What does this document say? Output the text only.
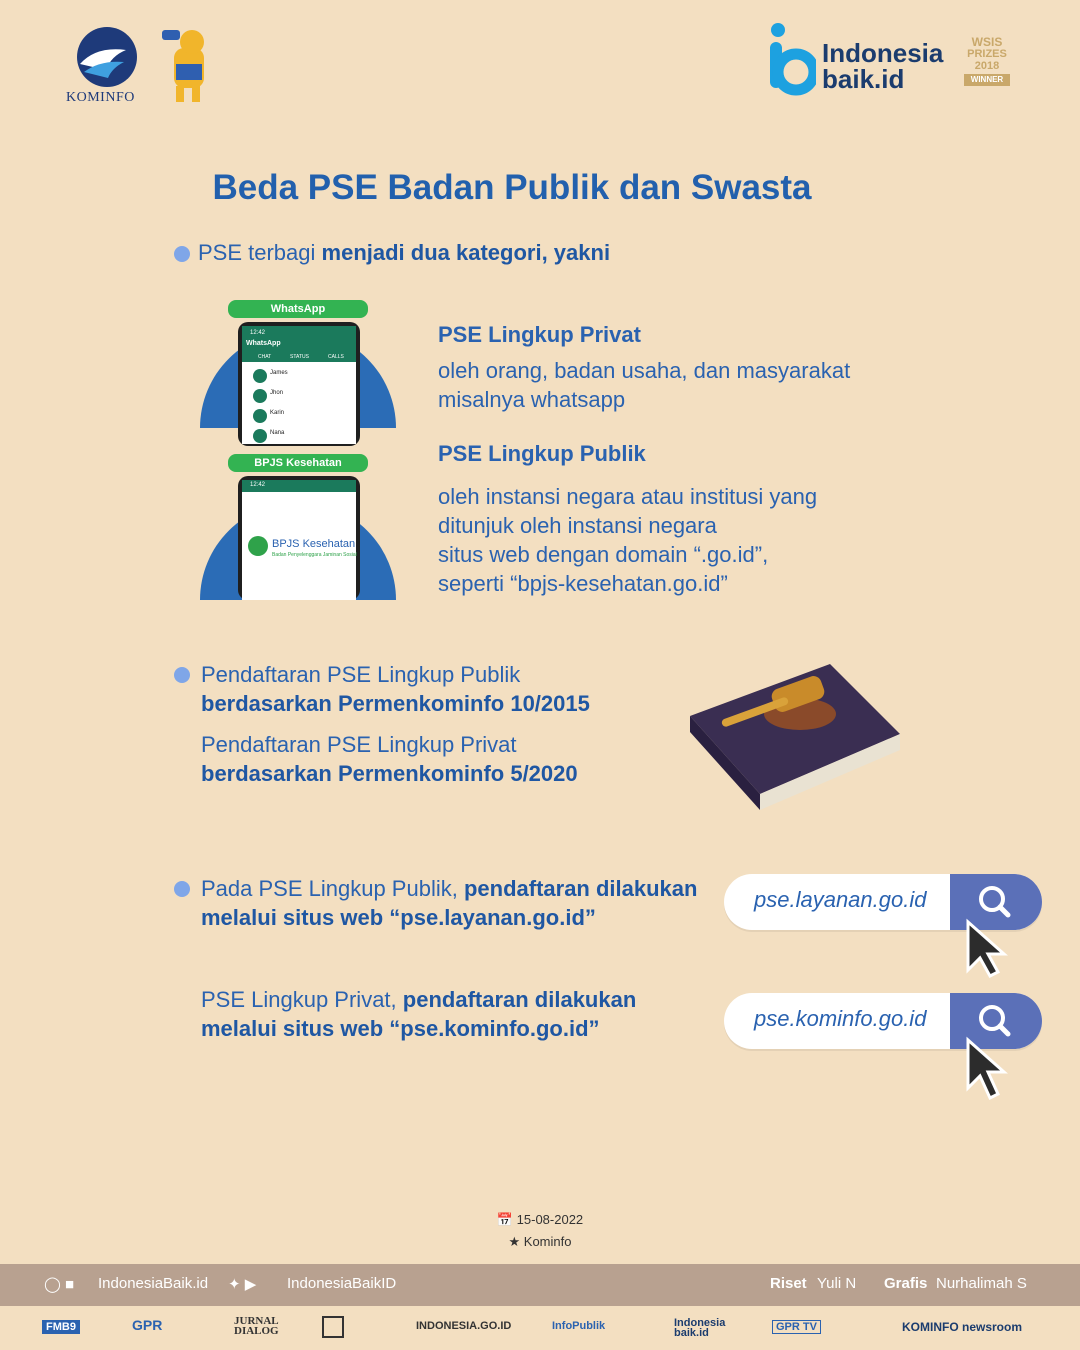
KOMINFO
Indonesia
baik.id
WSIS
PRIZES
2018
WINNER
Beda PSE Badan Publik dan Swasta
PSE terbagi menjadi dua kategori, yakni
WhatsApp
12:42
WhatsApp
CHAT	STATUS	CALLS
James
Jhon
Karin
Nana
BPJS Kesehatan
12:42
BPJS Kesehatan
Badan Penyelenggara Jaminan Sosial
PSE Lingkup Privat
oleh orang, badan usaha, dan masyarakat
misalnya whatsapp
PSE Lingkup Publik
oleh instansi negara atau institusi yang
ditunjuk oleh instansi negara
situs web dengan domain “.go.id”,
seperti “bpjs-kesehatan.go.id”
Pendaftaran PSE Lingkup Publik
berdasarkan Permenkominfo 10/2015
Pendaftaran PSE Lingkup Privat
berdasarkan Permenkominfo 5/2020
Pada PSE Lingkup Publik, pendaftaran dilakukan
melalui situs web “pse.layanan.go.id”
PSE Lingkup Privat, pendaftaran dilakukan
melalui situs web “pse.kominfo.go.id”
pse.layanan.go.id
pse.kominfo.go.id
📅 15-08-2022
★ Kominfo
◯ ■ IndonesiaBaik.id ✦ ▶ IndonesiaBaikID	Riset Yuli N Grafis Nurhalimah S
FMB9	GPR	JURNAL DIALOG	INDONESIA.GO.ID	InfoPublik	Indonesia baik.id	GPR TV	KOMINFO newsroom
